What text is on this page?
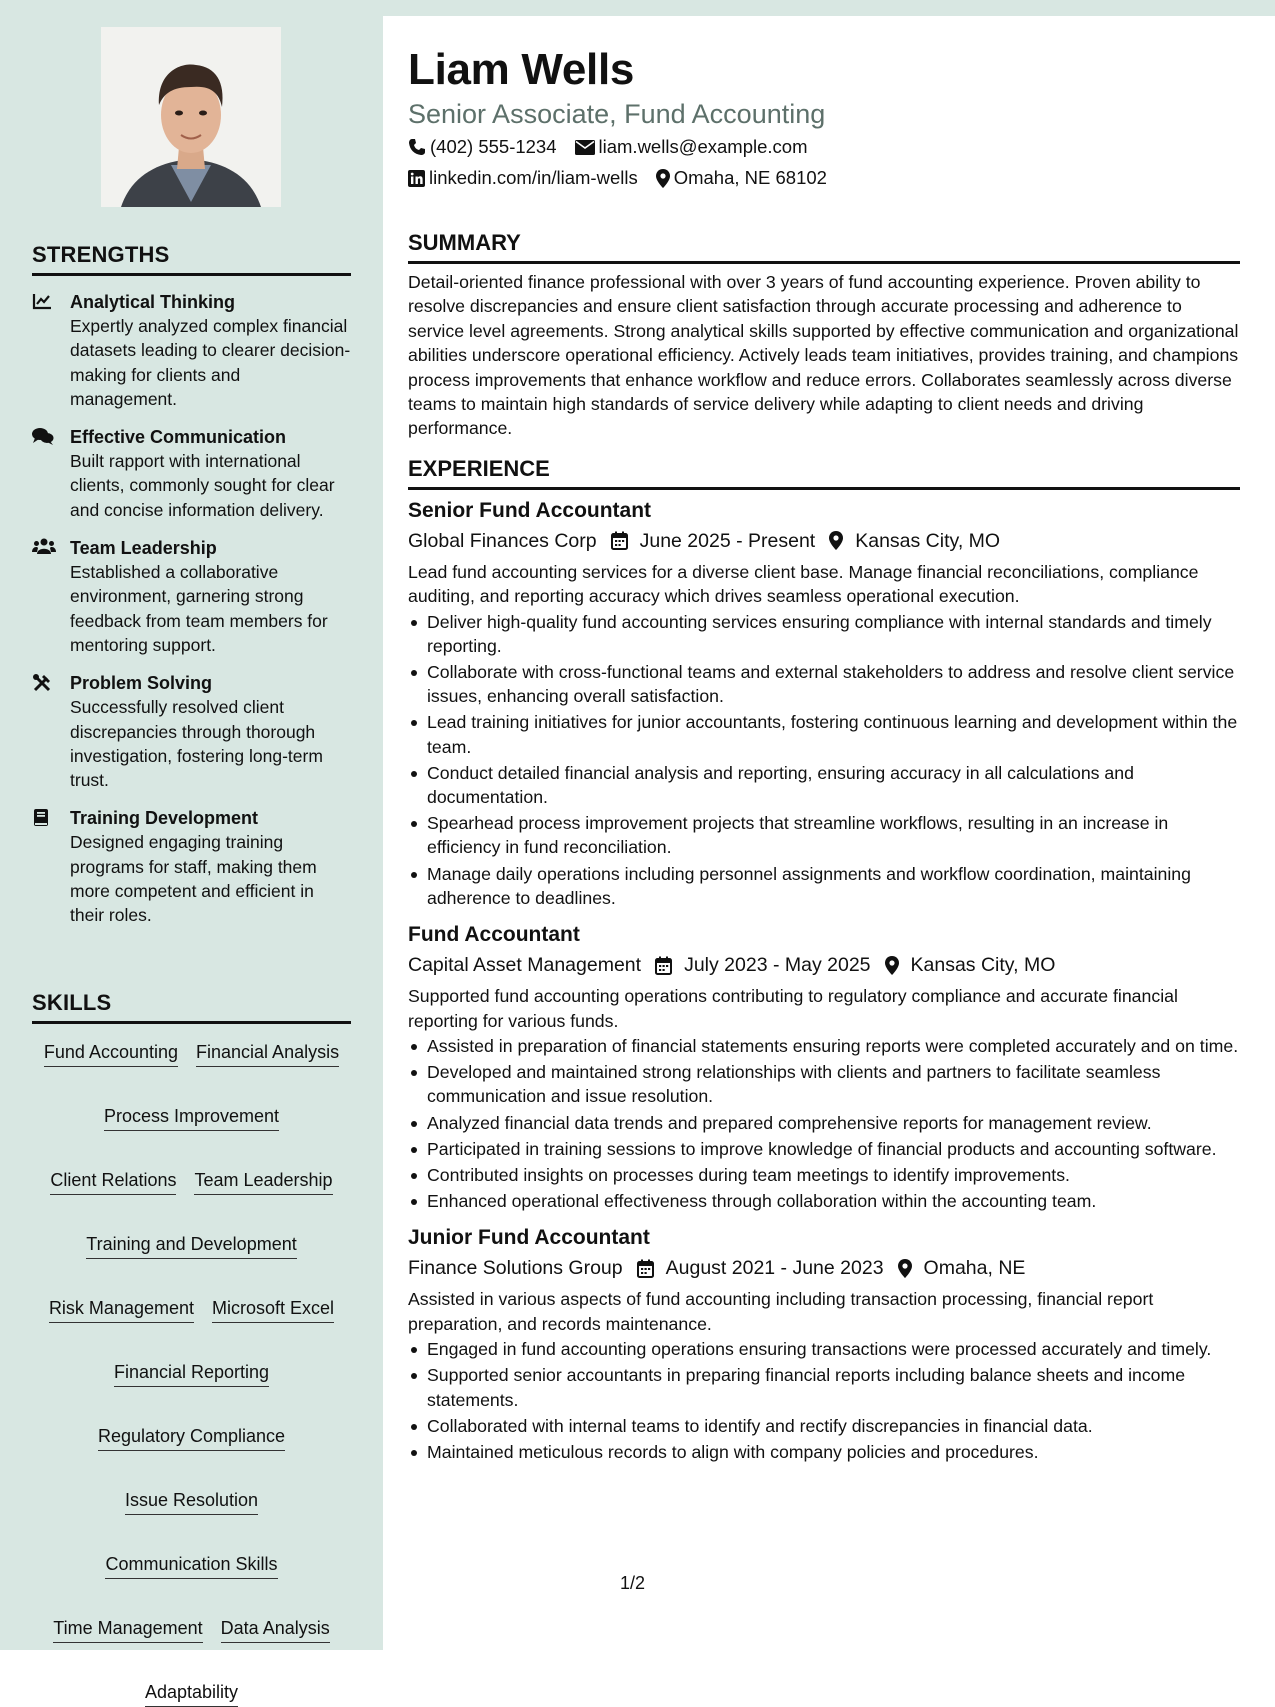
STRENGTHS
Analytical Thinking
Expertly analyzed complex financial datasets leading to clearer decision-making for clients and management.
Effective Communication
Built rapport with international clients, commonly sought for clear and concise information delivery.
Team Leadership
Established a collaborative environment, garnering strong feedback from team members for mentoring support.
Problem Solving
Successfully resolved client discrepancies through thorough investigation, fostering long-term trust.
Training Development
Designed engaging training programs for staff, making them more competent and efficient in their roles.
SKILLS
Fund Accounting Financial Analysis
Process Improvement
Client Relations Team Leadership
Training and Development
Risk Management Microsoft Excel
Financial Reporting
Regulatory Compliance
Issue Resolution
Communication Skills
Time Management Data Analysis
Adaptability
Liam Wells
Senior Associate, Fund Accounting
(402) 555-1234 liam.wells@example.com
linkedin.com/in/liam-wells Omaha, NE 68102
SUMMARY
Detail-oriented finance professional with over 3 years of fund accounting experience. Proven ability to resolve discrepancies and ensure client satisfaction through accurate processing and adherence to service level agreements. Strong analytical skills supported by effective communication and organizational abilities underscore operational efficiency. Actively leads team initiatives, provides training, and champions process improvements that enhance workflow and reduce errors. Collaborates seamlessly across diverse teams to maintain high standards of service delivery while adapting to client needs and driving performance.
EXPERIENCE
Senior Fund Accountant
Global Finances Corp June 2025 - Present Kansas City, MO
Lead fund accounting services for a diverse client base. Manage financial reconciliations, compliance auditing, and reporting accuracy which drives seamless operational execution.
Deliver high-quality fund accounting services ensuring compliance with internal standards and timely reporting.
Collaborate with cross-functional teams and external stakeholders to address and resolve client service issues, enhancing overall satisfaction.
Lead training initiatives for junior accountants, fostering continuous learning and development within the team.
Conduct detailed financial analysis and reporting, ensuring accuracy in all calculations and documentation.
Spearhead process improvement projects that streamline workflows, resulting in an increase in efficiency in fund reconciliation.
Manage daily operations including personnel assignments and workflow coordination, maintaining adherence to deadlines.
Fund Accountant
Capital Asset Management July 2023 - May 2025 Kansas City, MO
Supported fund accounting operations contributing to regulatory compliance and accurate financial reporting for various funds.
Assisted in preparation of financial statements ensuring reports were completed accurately and on time.
Developed and maintained strong relationships with clients and partners to facilitate seamless communication and issue resolution.
Analyzed financial data trends and prepared comprehensive reports for management review.
Participated in training sessions to improve knowledge of financial products and accounting software.
Contributed insights on processes during team meetings to identify improvements.
Enhanced operational effectiveness through collaboration within the accounting team.
Junior Fund Accountant
Finance Solutions Group August 2021 - June 2023 Omaha, NE
Assisted in various aspects of fund accounting including transaction processing, financial report preparation, and records maintenance.
Engaged in fund accounting operations ensuring transactions were processed accurately and timely.
Supported senior accountants in preparing financial reports including balance sheets and income statements.
Collaborated with internal teams to identify and rectify discrepancies in financial data.
Maintained meticulous records to align with company policies and procedures.
1/2
